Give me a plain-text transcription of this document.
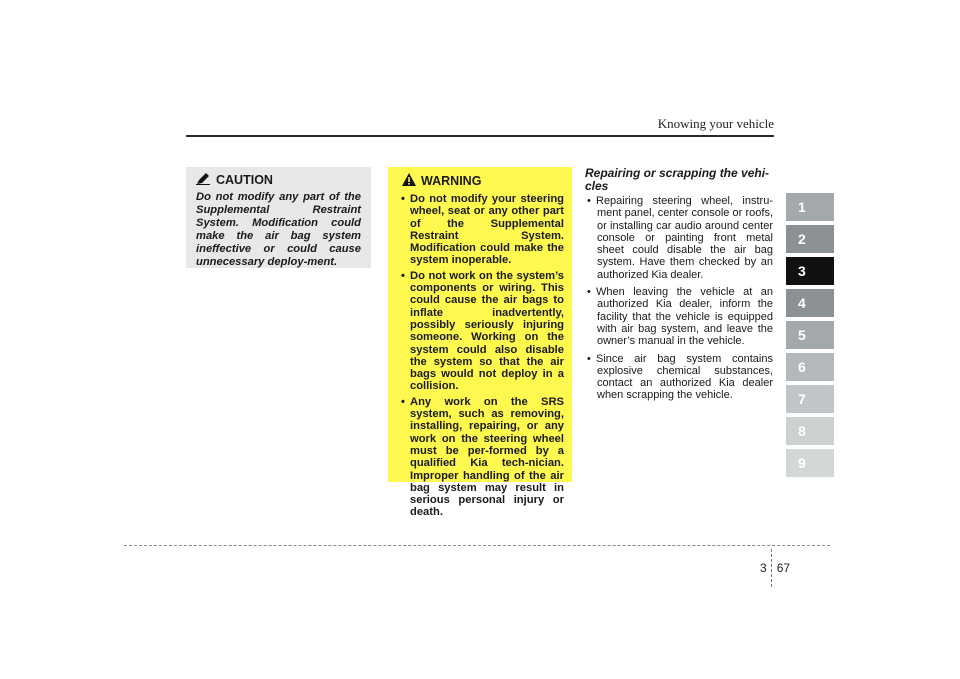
Knowing your vehicle
CAUTION

Do not modify any part of the Supplemental Restraint System. Modification could make the air bag system ineffective or could cause unnecessary deploy-ment.

WARNING
• Do not modify your steering wheel, seat or any other part of the Supplemental Restraint System. Modification could make the system inoperable.
• Do not work on the system’s components or wiring. This could cause the air bags to inflate inadvertently, possibly seriously injuring someone. Working on the system could also disable the system so that the air bags would not deploy in a collision.
• Any work on the SRS system, such as removing, installing, repairing, or any work on the steering wheel must be per-formed by a qualified Kia tech-nician. Improper handling of the air bag system may result in serious personal injury or death.

Repairing or scrapping the vehi-cles

• Repairing steering wheel, instru-ment panel, center console or roofs, or installing car audio around center console or painting front metal sheet could disable the air bag system. Have them checked by an authorized Kia dealer.
• When leaving the vehicle at an authorized Kia dealer, inform the facility that the vehicle is equipped with air bag system, and leave the owner’s manual in the vehicle.
• Since air bag system contains explosive chemical substances, contact an authorized Kia dealer when scrapping the vehicle.
1
2
3
4
5
6
7
8
9
3 67
